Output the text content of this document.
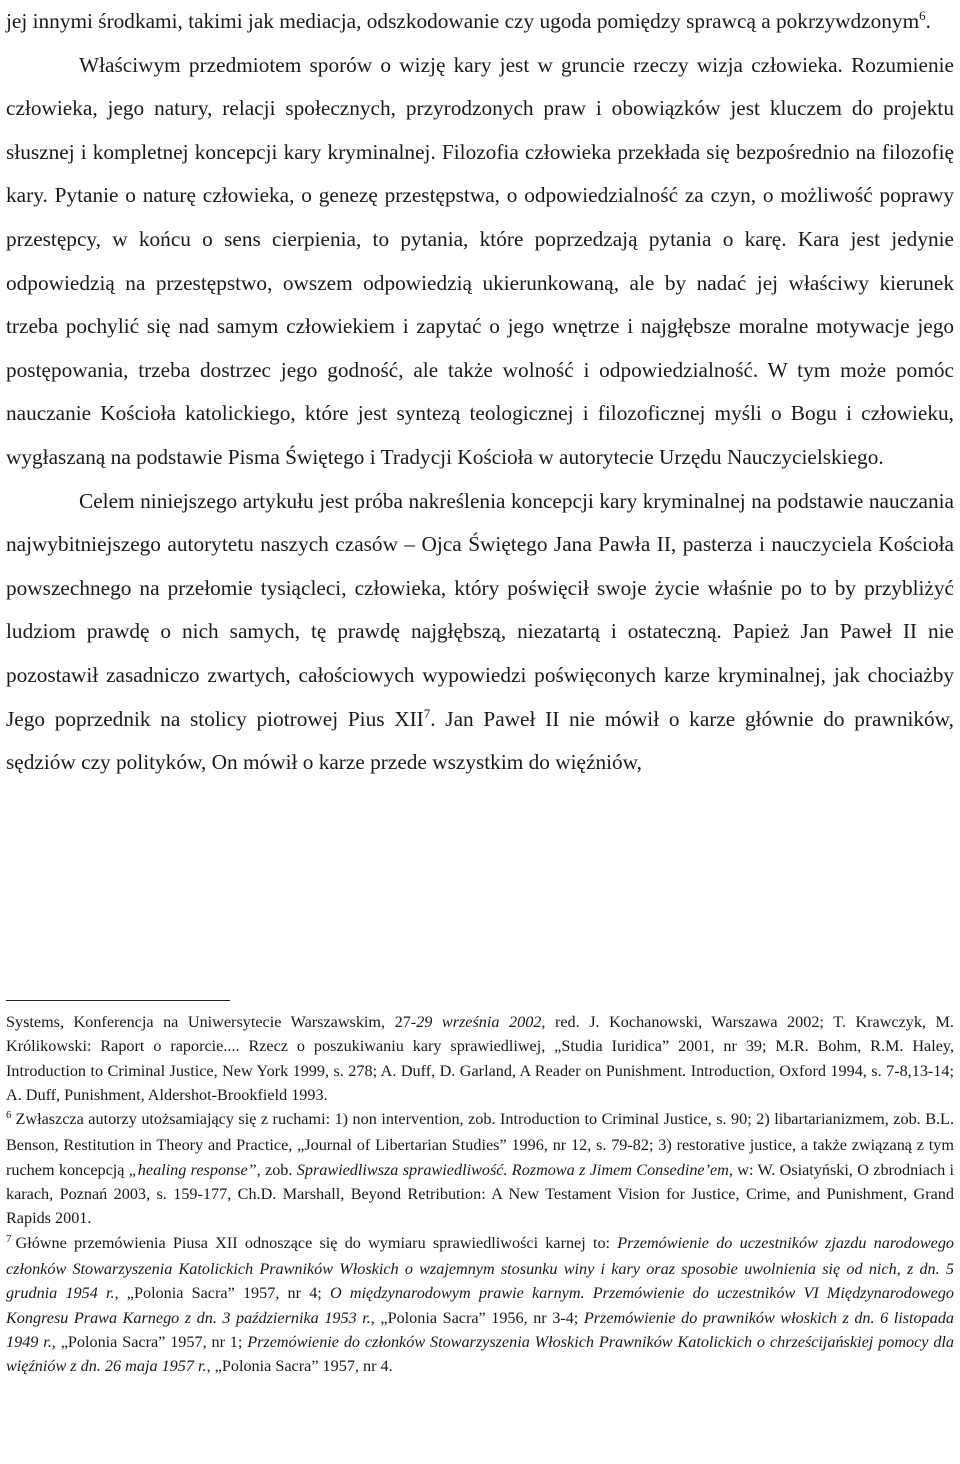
jej innymi środkami, takimi jak mediacja, odszkodowanie czy ugoda pomiędzy sprawcą a pokrzywdzonym$^6$.

Właściwym przedmiotem sporów o wizję kary jest w gruncie rzeczy wizja człowieka. Rozumienie człowieka, jego natury, relacji społecznych, przyrodzonych praw i obowiązków jest kluczem do projektu słusznej i kompletnej koncepcji kary kryminalnej. Filozofia człowieka przekłada się bezpośrednio na filozofię kary. Pytanie o naturę człowieka, o genezę przestępstwa, o odpowiedzialność za czyn, o możliwość poprawy przestępcy, w końcu o sens cierpienia, to pytania, które poprzedzają pytania o karę. Kara jest jedynie odpowiedzią na przestępstwo, owszem odpowiedzią ukierunkowaną, ale by nadać jej właściwy kierunek trzeba pochylić się nad samym człowiekiem i zapytać o jego wnętrze i najgłębsze moralne motywacje jego postępowania, trzeba dostrzec jego godność, ale także wolność i odpowiedzialność. W tym może pomóc nauczanie Kościoła katolickiego, które jest syntezą teologicznej i filozoficznej myśli o Bogu i człowieku, wygłaszaną na podstawie Pisma Świętego i Tradycji Kościoła w autorytecie Urzędu Nauczycielskiego.

Celem niniejszego artykułu jest próba nakreślenia koncepcji kary kryminalnej na podstawie nauczania najwybitniejszego autorytetu naszych czasów – Ojca Świętego Jana Pawła II, pasterza i nauczyciela Kościoła powszechnego na przełomie tysiącleci, człowieka, który poświęcił swoje życie właśnie po to by przybliżyć ludziom prawdę o nich samych, tę prawdę najgłębszą, niezatartą i ostateczną. Papież Jan Paweł II nie pozostawił zasadniczo zwartych, całościowych wypowiedzi poświęconych karze kryminalnej, jak chociażby Jego poprzednik na stolicy piotrowej Pius XII$^7$. Jan Paweł II nie mówił o karze głównie do prawników, sędziów czy polityków, On mówił o karze przede wszystkim do więźniów,

Systems, Konferencja na Uniwersytecie Warszawskim, 27-29 września 2002, red. J. Kochanowski, Warszawa 2002; T. Krawczyk, M. Królikowski: Raport o raporcie.... Rzecz o poszukiwaniu kary sprawiedliwej, „Studia Iuridica” 2001, nr 39; M.R. Bohm, R.M. Haley, Introduction to Criminal Justice, New York 1999, s. 278; A. Duff, D. Garland, A Reader on Punishment. Introduction, Oxford 1994, s. 7-8,13-14; A. Duff, Punishment, Aldershot-Brookfield 1993.

$^6$ Zwłaszcza autorzy utożsamiający się z ruchami: 1) non intervention, zob. Introduction to Criminal Justice, s. 90; 2) libartarianizmem, zob. B.L. Benson, Restitution in Theory and Practice, „Journal of Libertarian Studies” 1996, nr 12, s. 79-82; 3) restorative justice, a także związaną z tym ruchem koncepcją „healing response”, zob. Sprawiedliwsza sprawiedliwość. Rozmowa z Jimem Consedine’em, w: W. Osiatyński, O zbrodniach i karach, Poznań 2003, s. 159-177, Ch.D. Marshall, Beyond Retribution: A New Testament Vision for Justice, Crime, and Punishment, Grand Rapids 2001.

$^7$ Główne przemówienia Piusa XII odnoszące się do wymiaru sprawiedliwości karnej to: Przemówienie do uczestników zjazdu narodowego członków Stowarzyszenia Katolickich Prawników Włoskich o wzajemnym stosunku winy i kary oraz sposobie uwolnienia się od nich, z dn. 5 grudnia 1954 r., „Polonia Sacra” 1957, nr 4; O międzynarodowym prawie karnym. Przemówienie do uczestników VI Międzynarodowego Kongresu Prawa Karnego z dn. 3 października 1953 r., „Polonia Sacra” 1956, nr 3-4; Przemówienie do prawników włoskich z dn. 6 listopada 1949 r., „Polonia Sacra” 1957, nr 1; Przemówienie do członków Stowarzyszenia Włoskich Prawników Katolickich o chrześcijańskiej pomocy dla więźniów z dn. 26 maja 1957 r., „Polonia Sacra” 1957, nr 4.
